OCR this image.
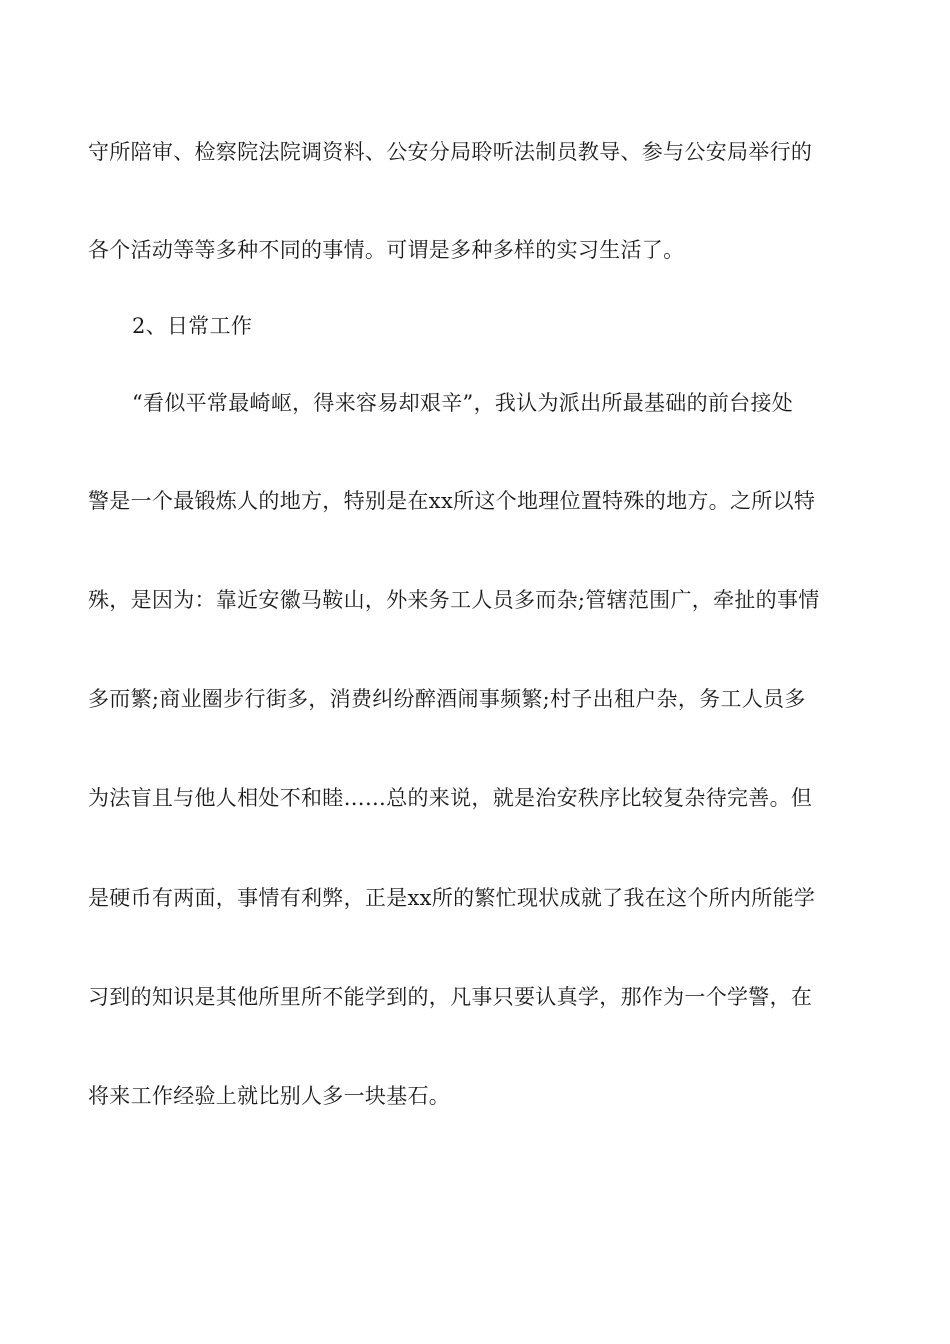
守所陪审、检察院法院调资料、公安分局聆听法制员教导、参与公安局举行的
各个活动等等多种不同的事情。可谓是多种多样的实习生活了。
2、日常工作
“看似平常最崎岖，得来容易却艰辛”，我认为派出所最基础的前台接处
警是一个最锻炼人的地方，特别是在xx所这个地理位置特殊的地方。之所以特
殊，是因为：靠近安徽马鞍山，外来务工人员多而杂;管辖范围广，牵扯的事情
多而繁;商业圈步行街多，消费纠纷醉酒闹事频繁;村子出租户杂，务工人员多
为法盲且与他人相处不和睦……总的来说，就是治安秩序比较复杂待完善。但
是硬币有两面，事情有利弊，正是xx所的繁忙现状成就了我在这个所内所能学
习到的知识是其他所里所不能学到的，凡事只要认真学，那作为一个学警，在
将来工作经验上就比别人多一块基石。
